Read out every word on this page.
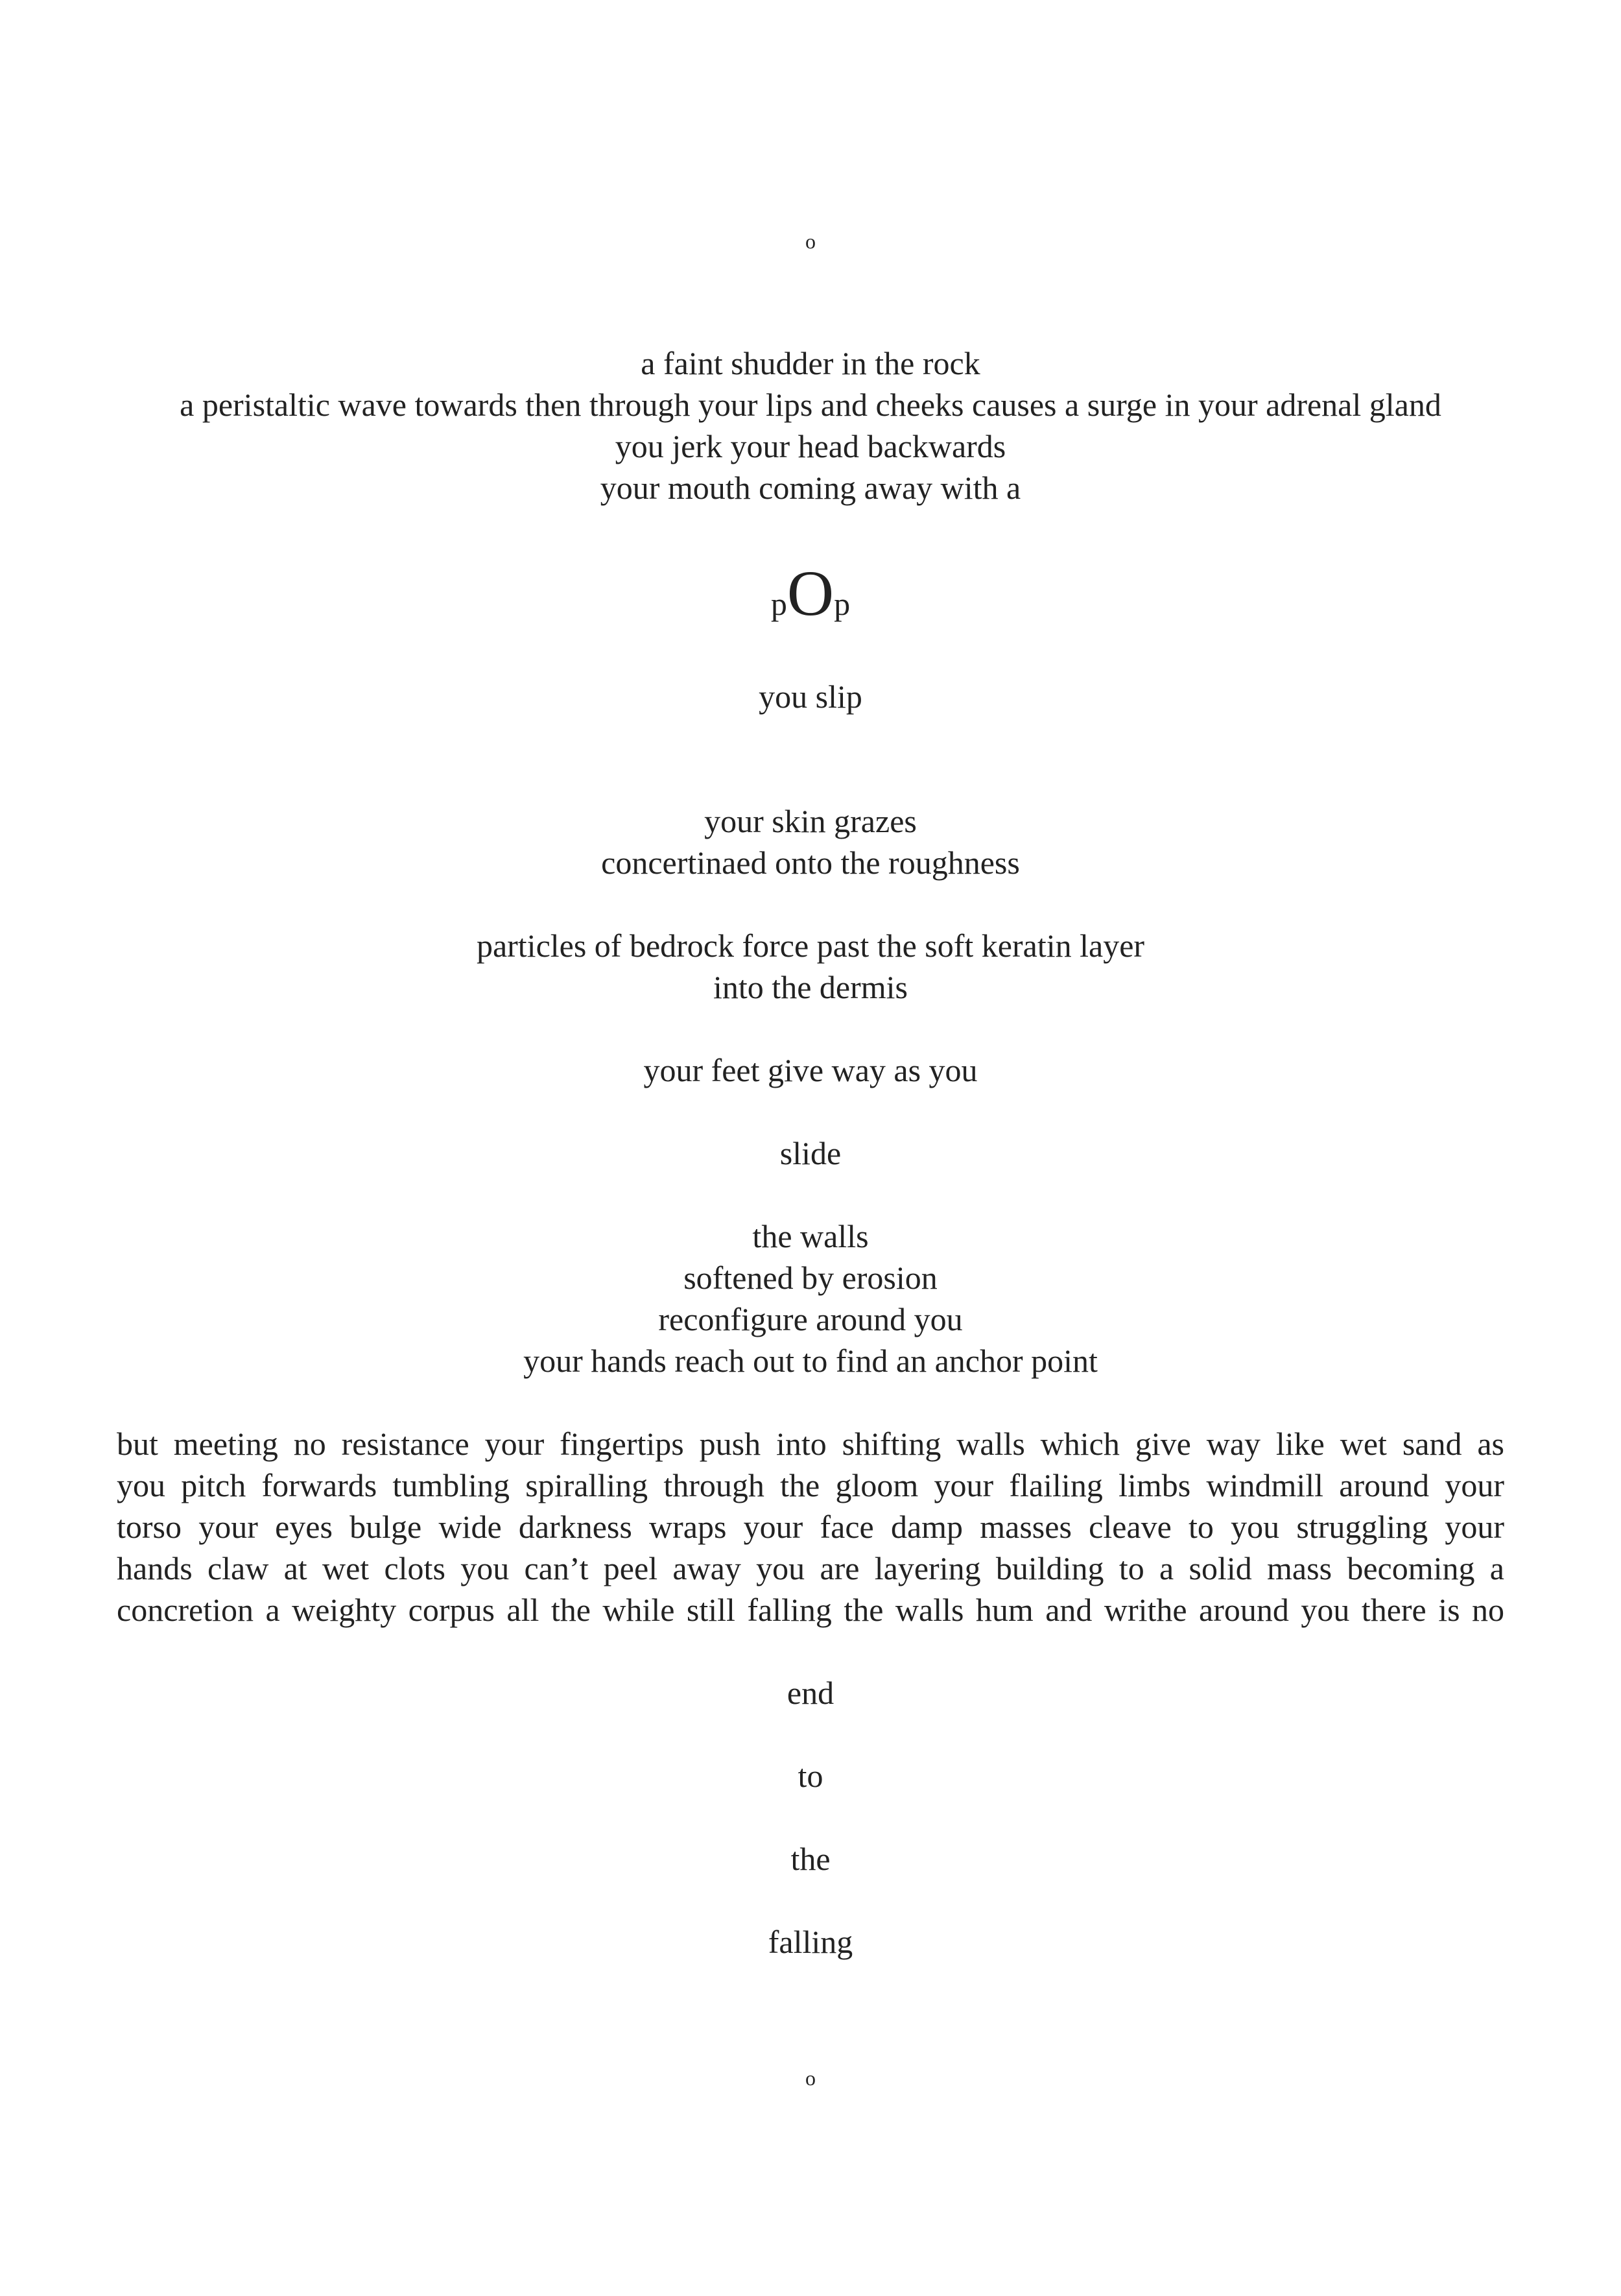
o
a faint shudder in the rock
a peristaltic wave towards then through your lips and cheeks causes a surge in your adrenal gland
you jerk your head backwards
your mouth coming away with a
pOp
you slip
your skin grazes
concertinaed onto the roughness
particles of bedrock force past the soft keratin layer
into the dermis
your feet give way as you
slide
the walls
softened by erosion
reconfigure around you
your hands reach out to find an anchor point
but meeting no resistance your fingertips push into shifting walls which give way like wet sand as
you pitch forwards tumbling spiralling through the gloom your flailing limbs windmill around your
torso your eyes bulge wide darkness wraps your face damp masses cleave to you struggling your
hands claw at wet clots you can’t peel away you are layering building to a solid mass becoming a
concretion a weighty corpus all the while still falling the walls hum and writhe around you there is no
end
to
the
falling
o
